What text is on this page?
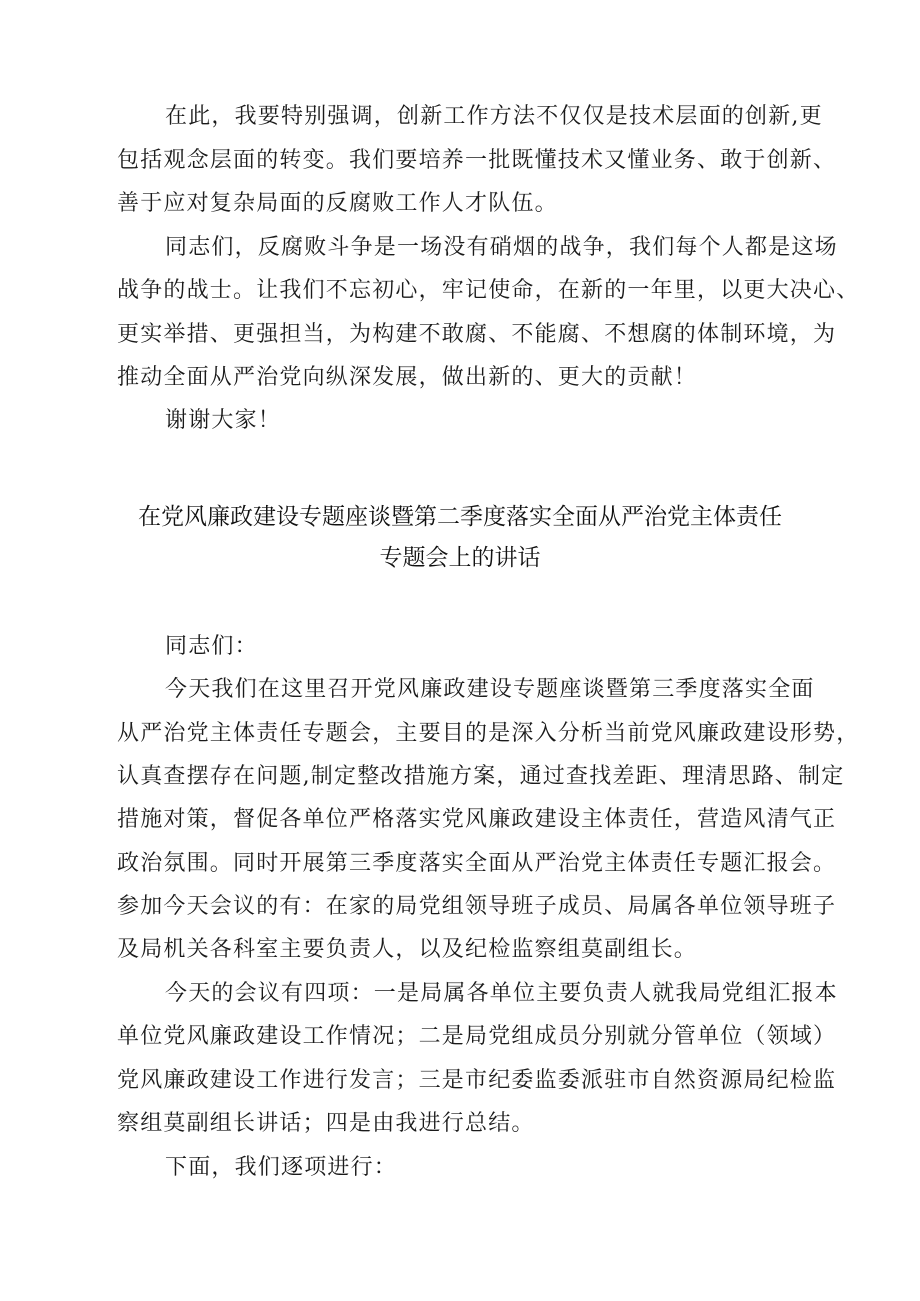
在此，我要特别强调，创新工作方法不仅仅是技术层面的创新,更
包括观念层面的转变。我们要培养一批既懂技术又懂业务、敢于创新、
善于应对复杂局面的反腐败工作人才队伍。
同志们，反腐败斗争是一场没有硝烟的战争，我们每个人都是这场
战争的战士。让我们不忘初心，牢记使命，在新的一年里，以更大决心、
更实举措、更强担当，为构建不敢腐、不能腐、不想腐的体制环境，为
推动全面从严治党向纵深发展，做出新的、更大的贡献！
谢谢大家！
在党风廉政建设专题座谈暨第二季度落实全面从严治党主体责任
专题会上的讲话
同志们：
今天我们在这里召开党风廉政建设专题座谈暨第三季度落实全面
从严治党主体责任专题会，主要目的是深入分析当前党风廉政建设形势，
认真查摆存在问题,制定整改措施方案，通过查找差距、理清思路、制定
措施对策，督促各单位严格落实党风廉政建设主体责任，营造风清气正
政治氛围。同时开展第三季度落实全面从严治党主体责任专题汇报会。
参加今天会议的有：在家的局党组领导班子成员、局属各单位领导班子
及局机关各科室主要负责人，以及纪检监察组莫副组长。
今天的会议有四项：一是局属各单位主要负责人就我局党组汇报本
单位党风廉政建设工作情况；二是局党组成员分别就分管单位（领域）
党风廉政建设工作进行发言；三是市纪委监委派驻市自然资源局纪检监
察组莫副组长讲话；四是由我进行总结。
下面，我们逐项进行：
